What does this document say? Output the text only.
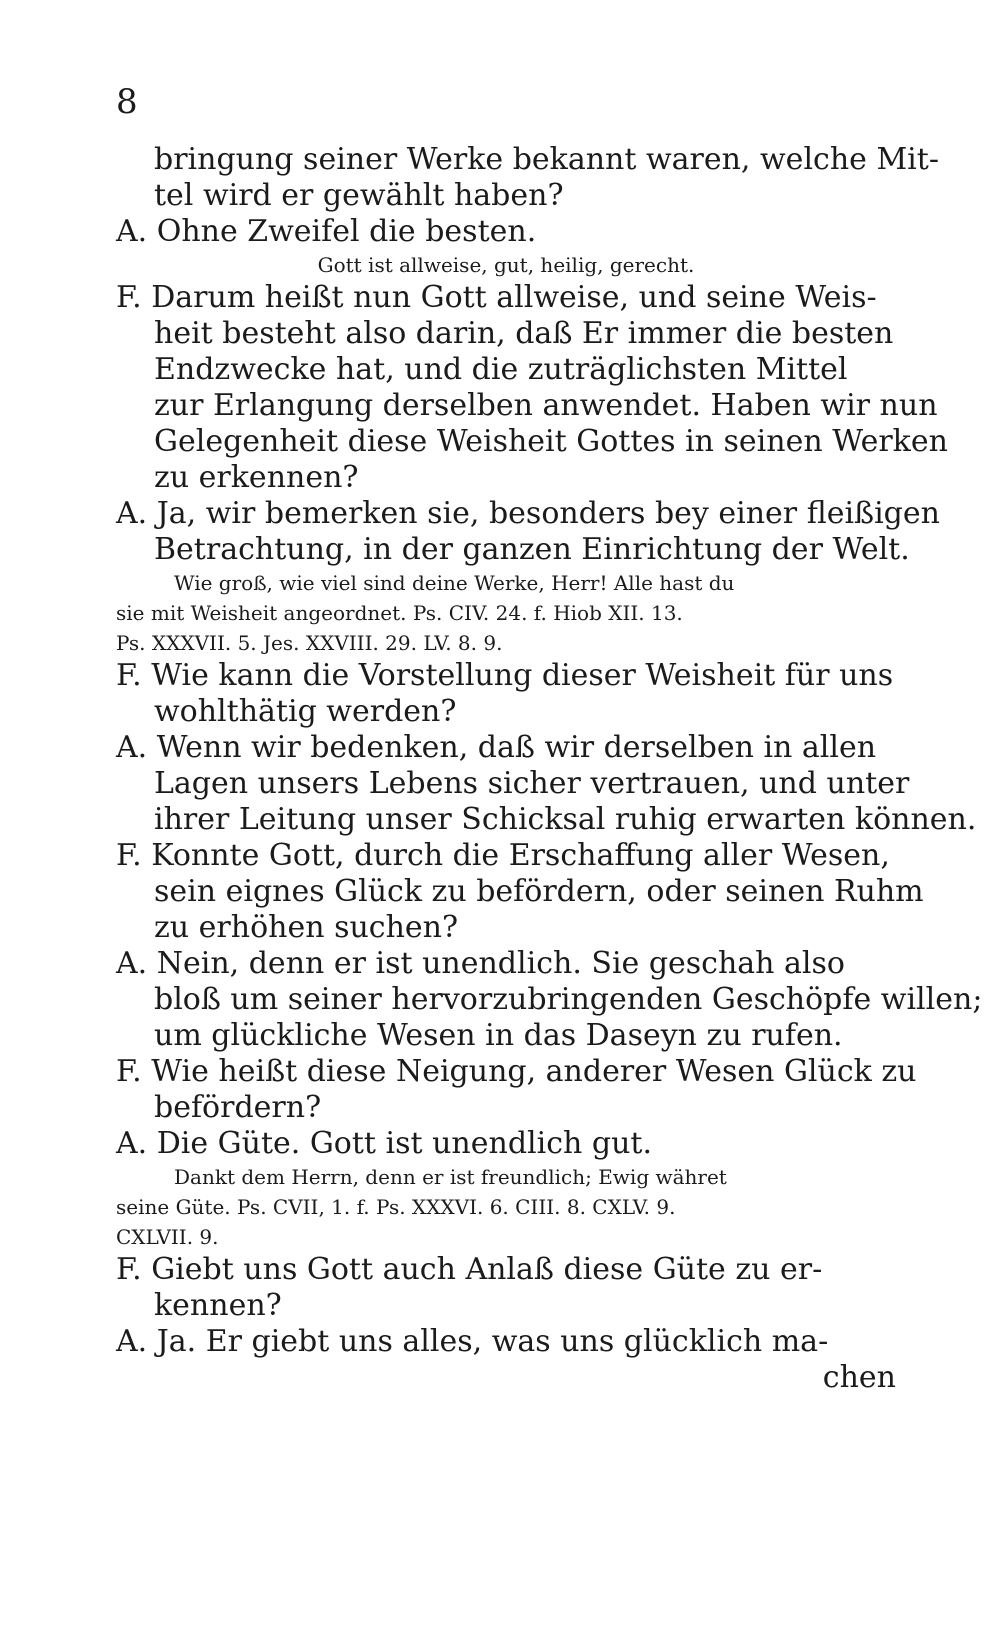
8
bringung seiner Werke bekannt waren, welche Mit-
tel wird er gewählt haben?
A. Ohne Zweifel die besten.
Gott ist allweise, gut, heilig, gerecht.
F. Darum heißt nun Gott allweise, und seine Weis-
heit besteht also darin, daß Er immer die besten
Endzwecke hat, und die zuträglichsten Mittel
zur Erlangung derselben anwendet. Haben wir nun
Gelegenheit diese Weisheit Gottes in seinen Werken
zu erkennen?
A. Ja, wir bemerken sie, besonders bey einer fleißigen
Betrachtung, in der ganzen Einrichtung der Welt.
Wie groß, wie viel sind deine Werke, Herr! Alle hast du
sie mit Weisheit angeordnet. Ps. CIV. 24. f. Hiob XII. 13.
Ps. XXXVII. 5. Jes. XXVIII. 29. LV. 8. 9.
F. Wie kann die Vorstellung dieser Weisheit für uns
wohlthätig werden?
A. Wenn wir bedenken, daß wir derselben in allen
Lagen unsers Lebens sicher vertrauen, und unter
ihrer Leitung unser Schicksal ruhig erwarten können.
F. Konnte Gott, durch die Erschaffung aller Wesen,
sein eignes Glück zu befördern, oder seinen Ruhm
zu erhöhen suchen?
A. Nein, denn er ist unendlich. Sie geschah also
bloß um seiner hervorzubringenden Geschöpfe willen;
um glückliche Wesen in das Daseyn zu rufen.
F. Wie heißt diese Neigung, anderer Wesen Glück zu
befördern?
A. Die Güte. Gott ist unendlich gut.
Dankt dem Herrn, denn er ist freundlich; Ewig währet
seine Güte. Ps. CVII, 1. f. Ps. XXXVI. 6. CIII. 8. CXLV. 9.
CXLVII. 9.
F. Giebt uns Gott auch Anlaß diese Güte zu er-
kennen?
A. Ja. Er giebt uns alles, was uns glücklich ma-
chen
